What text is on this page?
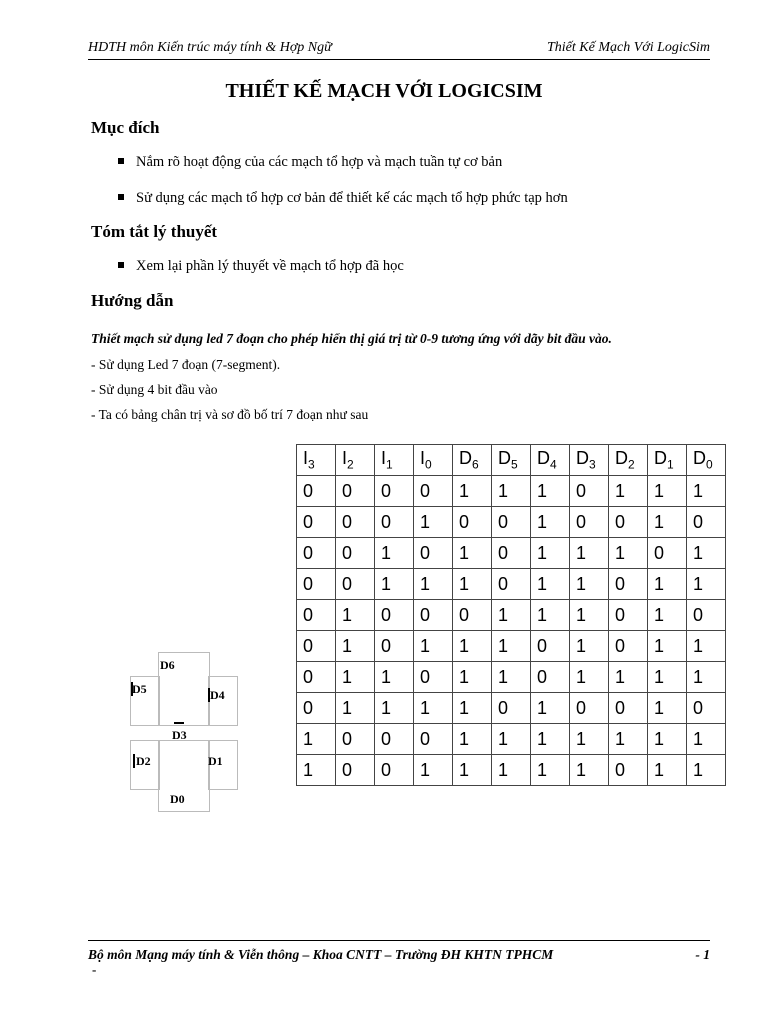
HDTH môn Kiến trúc máy tính & Hợp Ngữ	Thiết Kế Mạch Với LogicSim
THIẾT KẾ MẠCH VỚI LOGICSIM
Mục đích
Nắm rõ hoạt động của các mạch tổ hợp và mạch tuần tự cơ bản
Sử dụng các mạch tổ hợp cơ bản để thiết kế các mạch tổ hợp phức tạp hơn
Tóm tắt lý thuyết
Xem lại phần lý thuyết về mạch tổ hợp đã học
Hướng dẫn
Thiết mạch sử dụng led 7 đoạn cho phép hiển thị giá trị từ 0-9 tương ứng với dãy bit đầu vào.
- Sử dụng Led 7 đoạn (7-segment).
- Sử dụng 4 bit đầu vào
- Ta có bảng chân trị và sơ đồ bố trí 7 đoạn như sau
$I_3$	$I_2$	$I_1$	$I_0$	$D_6$	$D_5$	$D_4$	$D_3$	$D_2$	$D_1$	$D_0$
0	0	0	0	1	1	1	0	1	1	1
0	0	0	1	0	0	1	0	0	1	0
0	0	1	0	1	0	1	1	1	0	1
0	0	1	1	1	0	1	1	0	1	1
0	1	0	0	0	1	1	1	0	1	0
0	1	0	1	1	1	0	1	0	1	1
0	1	1	0	1	1	0	1	1	1	1
0	1	1	1	1	0	1	0	0	1	0
1	0	0	0	1	1	1	1	1	1	1
1	0	0	1	1	1	1	1	0	1	1
D6
D5	D4
D3
D2	D1
D0
Bộ môn Mạng máy tính & Viễn thông – Khoa CNTT – Trường ĐH KHTN TPHCM	- 1
-
